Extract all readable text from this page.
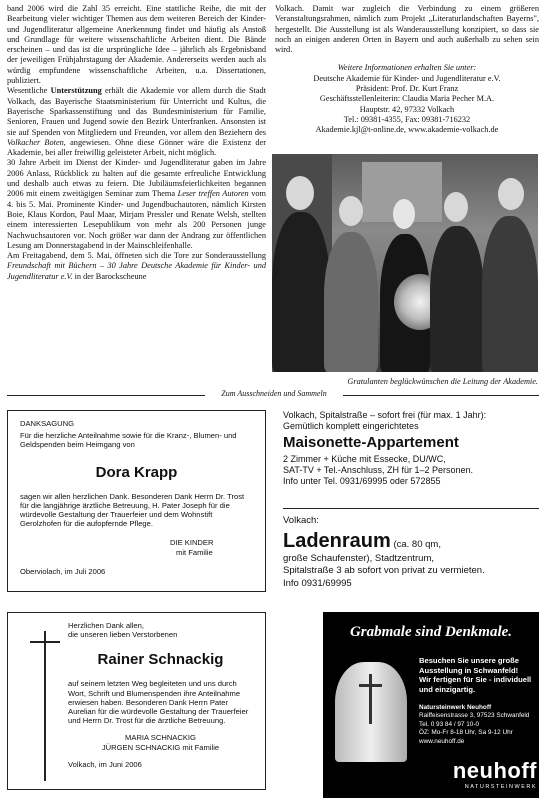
band 2006 wird die Zahl 35 erreicht. Eine stattliche Reihe, die mit der Bearbeitung vieler wichtiger Themen aus dem weiteren Bereich der Kinder- und Jugendliteratur allgemeine Anerkennung findet und häufig als Anstoß und Grundlage für weitere wissenschaftliche Arbeiten dient. Die Bände erscheinen – und das ist die ursprüngliche Idee – jährlich als Ergebnisband der jeweiligen Frühjahrstagung der Akademie. Andererseits werden auch als würdig empfundene wissenschaftliche Arbeiten, u.a. Dissertationen, publiziert.

Wesentliche Unterstützung erhält die Akademie vor allem durch die Stadt Volkach, das Bayerische Staatsministerium für Unterricht und Kultus, die Bayerische Sparkassenstiftung und das Bundesministerium für Familie, Senioren, Frauen und Jugend sowie den Bezirk Unterfranken. Ansonsten ist sie auf Spenden von Mitgliedern und Freunden, vor allem den Beziehern des Volkacher Boten, angewiesen. Ohne diese Gönner wäre die Existenz der Akademie, bei aller freiwillig geleisteter Arbeit, nicht möglich.

30 Jahre Arbeit im Dienst der Kinder- und Jugendliteratur gaben im Jahre 2006 Anlass, Rückblick zu halten auf die gesamte erfreuliche Entwicklung und deshalb auch etwas zu feiern. Die Jubiläumsfeierlichkeiten begannen 2006 mit einem zweitägigen Seminar zum Thema Leser treffen Autoren vom 4. bis 5. Mai. Prominente Kinder- und Jugendbuchautoren, nämlich Kirsten Boie, Klaus Kordon, Paul Maar, Mirjam Pressler und Renate Welsh, stellten einem interessierten Lesepublikum von mehr als 200 Personen junge Nachwuchsautoren vor. Noch größer war dann der Andrang zur öffentlichen Lesung am Donnerstagabend in der Mainschleifenhalle.

Am Freitagabend, dem 5. Mai, öffneten sich die Tore zur Sonderausstellung Freundschaft mit Büchern – 30 Jahre Deutsche Akademie für Kinder- und Jugendliteratur e.V. in der Barockscheune

Volkach. Damit war zugleich die Verbindung zu einem größeren Veranstaltungsrahmen, nämlich zum Projekt „Literaturlandschaften Bayerns", hergestellt. Die Ausstellung ist als Wanderausstellung konzipiert, so dass sie noch an einigen anderen Orten in Bayern und auch außerhalb zu sehen sein wird.

Weitere Informationen erhalten Sie unter:
Deutsche Akademie für Kinder- und Jugendliteratur e.V.
Präsident: Prof. Dr. Kurt Franz
Geschäftsstellenleiterin: Claudia Maria Pecher M.A.
Hauptstr. 42, 97332 Volkach
Tel.: 09381-4355, Fax: 09381-716232
Akademie.kjl@t-online.de, www.akademie-volkach.de
Gratulanten beglückwünschen die Leitung der Akademie.
Zum Ausschneiden und Sammeln
DANKSAGUNG
Für die herzliche Anteilnahme sowie für die Kranz-, Blumen- und Geldspenden beim Heimgang von
Dora Krapp
sagen wir allen herzlichen Dank. Besonderen Dank Herrn Dr. Trost für die langjährige ärztliche Betreuung, H. Pater Joseph für die würdevolle Gestaltung der Trauerfeier und dem Wohnstift Gerolzhofen für die aufopfernde Pflege.
DIE KINDER
mit Familie
Oberviolach, im Juli 2006
Herzlichen Dank allen,
die unseren lieben Verstorbenen
Rainer Schnackig
auf seinem letzten Weg begleiteten und uns durch Wort, Schrift und Blumenspenden ihre Anteilnahme erwiesen haben. Besonderen Dank Herrn Pater Aurelian für die würdevolle Gestaltung der Trauerfeier und Herrn Dr. Trost für die ärztliche Betreuung.
MARIA SCHNACKIG
JÜRGEN SCHNACKIG mit Familie
Volkach, im Juni 2006
Volkach, Spitalstraße – sofort frei (für max. 1 Jahr):
Gemütlich komplett eingerichtetes
Maisonette-Appartement
2 Zimmer + Küche mit Essecke, DU/WC,
SAT-TV + Tel.-Anschluss, ZH für 1–2 Personen.
Info unter Tel. 0931/69995 oder 572855
Volkach:
Ladenraum (ca. 80 qm,
große Schaufenster), Stadtzentrum,
Spitalstraße 3 ab sofort von privat zu vermieten.
Info 0931/69995
Grabmale sind Denkmale.
Besuchen Sie unsere große
Ausstellung in Schwanfeld!
Wir fertigen für Sie - individuell
und einzigartig.
Natursteinwerk Neuhoff
Raiffeisenstrasse 3, 97523 Schwanfeld
Tel. 0 93 84 / 97 10-0
ÖZ: Mo-Fr 8-18 Uhr, Sa 9-12 Uhr
www.neuhoff.de
neuhoff
NATURSTEINWERK
